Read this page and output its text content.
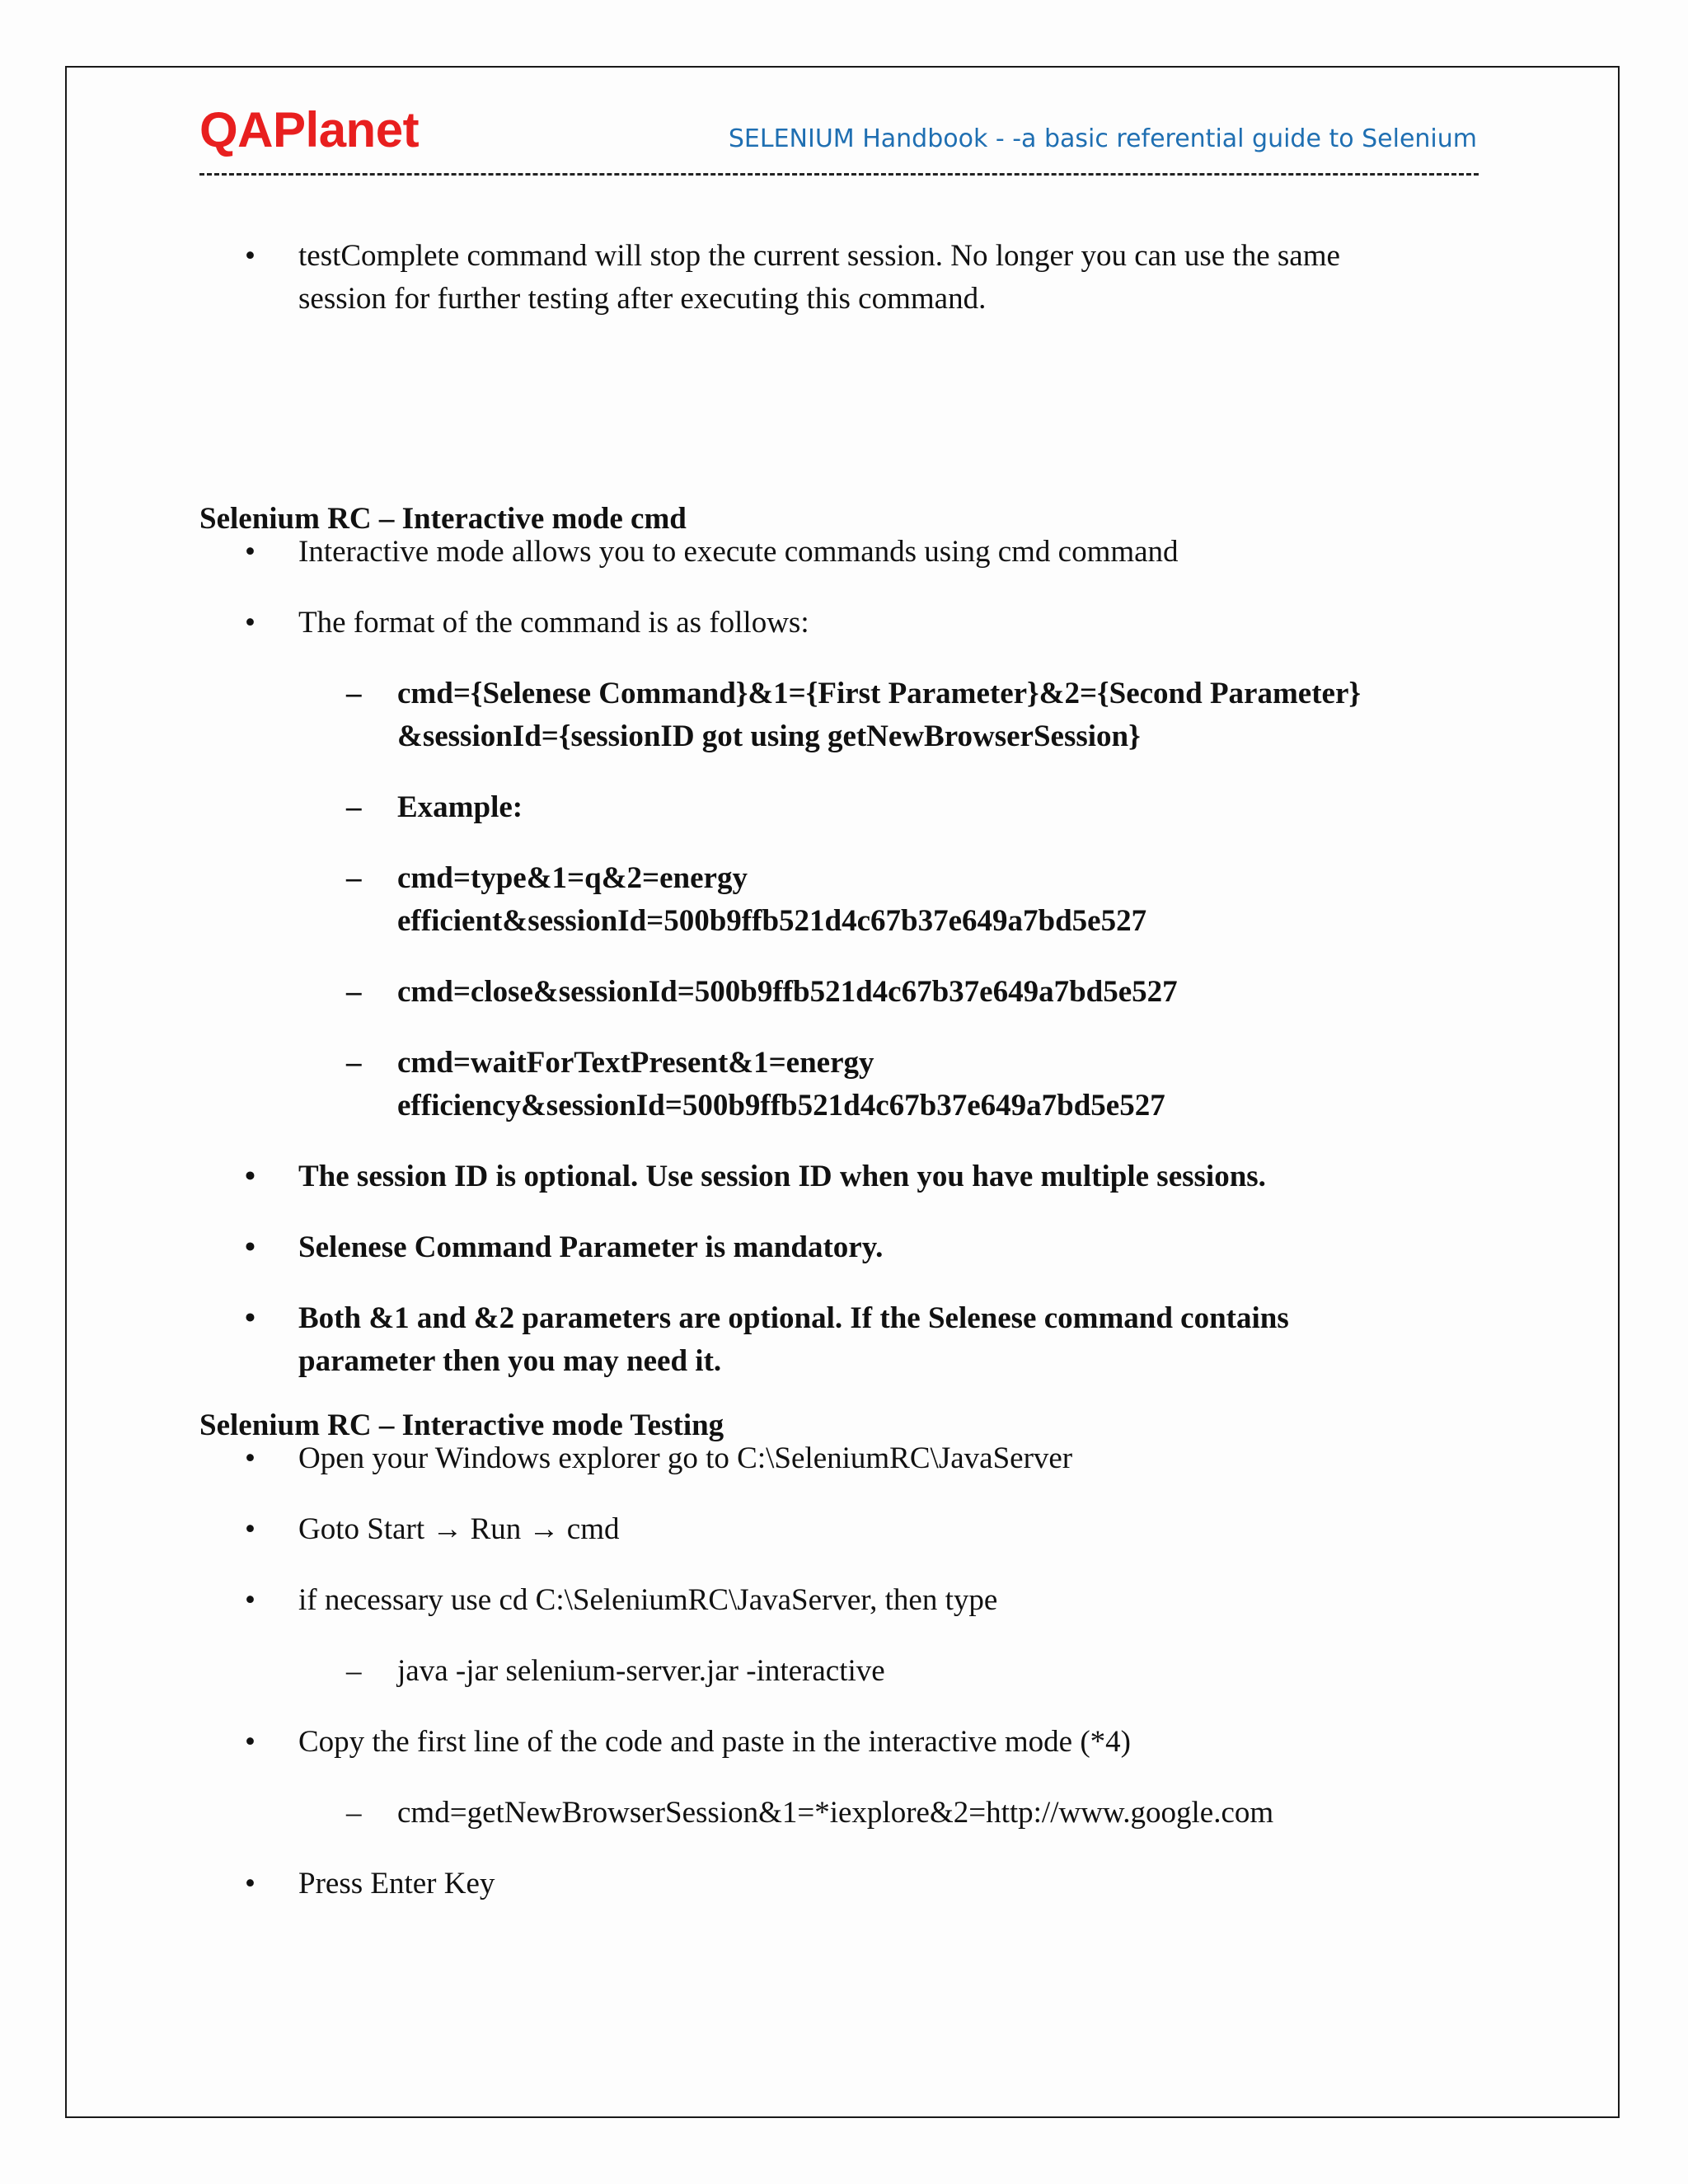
QAPlanet	SELENIUM Handbook - -a basic referential guide to Selenium
• testComplete command will stop the current session. No longer you can use the same
session for further testing after executing this command.
Selenium RC – Interactive mode cmd
• Interactive mode allows you to execute commands using cmd command
• The format of the command is as follows:
– cmd={Selenese Command}&1={First Parameter}&2={Second Parameter}
&sessionId={sessionID got using getNewBrowserSession}
– Example:
– cmd=type&1=q&2=energy
efficient&sessionId=500b9ffb521d4c67b37e649a7bd5e527
– cmd=close&sessionId=500b9ffb521d4c67b37e649a7bd5e527
– cmd=waitForTextPresent&1=energy
efficiency&sessionId=500b9ffb521d4c67b37e649a7bd5e527
• The session ID is optional. Use session ID when you have multiple sessions.
• Selenese Command Parameter is mandatory.
• Both &1 and &2 parameters are optional. If the Selenese command contains
parameter then you may need it.
Selenium RC – Interactive mode Testing
• Open your Windows explorer go to C:\SeleniumRC\JavaServer
• Goto Start → Run → cmd
• if necessary use cd C:\SeleniumRC\JavaServer, then type
– java -jar selenium-server.jar -interactive
• Copy the first line of the code and paste in the interactive mode (*4)
– cmd=getNewBrowserSession&1=*iexplore&2=http://www.google.com
• Press Enter Key
